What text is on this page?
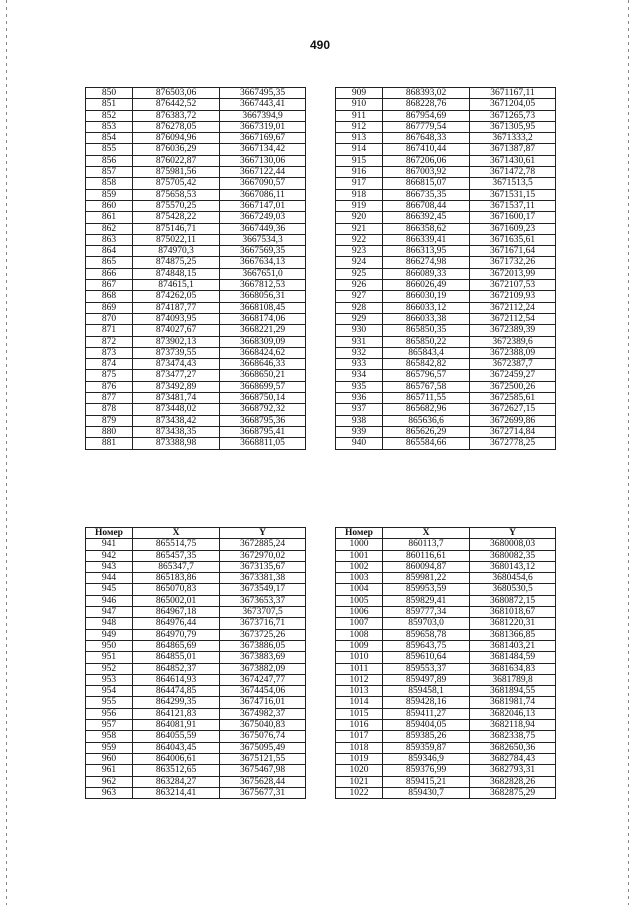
490
850	876503,06	3667495,35
851	876442,52	3667443,41
852	876383,72	3667394,9
853	876278,05	3667319,01
854	876094,96	3667169,67
855	876036,29	3667134,42
856	876022,87	3667130,06
857	875981,56	3667122,44
858	875705,42	3667090,57
859	875658,53	3667086,11
860	875570,25	3667147,01
861	875428,22	3667249,03
862	875146,71	3667449,36
863	875022,11	3667534,3
864	874970,3	3667569,35
865	874875,25	3667634,13
866	874848,15	3667651,0
867	874615,1	3667812,53
868	874262,05	3668056,31
869	874187,77	3668108,45
870	874093,95	3668174,06
871	874027,67	3668221,29
872	873902,13	3668309,09
873	873739,55	3668424,62
874	873474,43	3668646,33
875	873477,27	3668650,21
876	873492,89	3668699,57
877	873481,74	3668750,14
878	873448,02	3668792,32
879	873438,42	3668795,36
880	873438,35	3668795,41
881	873388,98	3668811,05
909	868393,02	3671167,11
910	868228,76	3671204,05
911	867954,69	3671265,73
912	867779,54	3671305,95
913	867648,33	3671333,2
914	867410,44	3671387,87
915	867206,06	3671430,61
916	867003,92	3671472,78
917	866815,07	3671513,5
918	866735,35	3671531,15
919	866708,44	3671537,11
920	866392,45	3671600,17
921	866358,62	3671609,23
922	866339,41	3671635,61
923	866313,95	3671671,64
924	866274,98	3671732,26
925	866089,33	3672013,99
926	866026,49	3672107,53
927	866030,19	3672109,93
928	866033,12	3672112,24
929	866033,38	3672112,54
930	865850,35	3672389,39
931	865850,22	3672389,6
932	865843,4	3672388,09
933	865842,82	3672387,7
934	865796,57	3672459,27
935	865767,58	3672500,26
936	865711,55	3672585,61
937	865682,96	3672627,15
938	865636,6	3672699,86
939	865626,29	3672714,84
940	865584,66	3672778,25
Номер	X	Y
941	865514,75	3672885,24
942	865457,35	3672970,02
943	865347,7	3673135,67
944	865183,86	3673381,38
945	865070,83	3673549,17
946	865002,01	3673653,37
947	864967,18	3673707,5
948	864976,44	3673716,71
949	864970,79	3673725,26
950	864865,69	3673886,05
951	864855,01	3673883,69
952	864852,37	3673882,09
953	864614,93	3674247,77
954	864474,85	3674454,06
955	864299,35	3674716,01
956	864121,83	3674982,37
957	864081,91	3675040,83
958	864055,59	3675076,74
959	864043,45	3675095,49
960	864006,61	3675121,55
961	863512,65	3675467,98
962	863284,27	3675628,44
963	863214,41	3675677,31
Номер	X	Y
1000	860113,7	3680008,03
1001	860116,61	3680082,35
1002	860094,87	3680143,12
1003	859981,22	3680454,6
1004	859953,59	3680530,5
1005	859829,41	3680872,15
1006	859777,34	3681018,67
1007	859703,0	3681220,31
1008	859658,78	3681366,85
1009	859643,75	3681403,21
1010	859610,64	3681484,59
1011	859553,37	3681634,83
1012	859497,89	3681789,8
1013	859458,1	3681894,55
1014	859428,16	3681981,74
1015	859411,27	3682046,13
1016	859404,05	3682118,94
1017	859385,26	3682338,75
1018	859359,87	3682650,36
1019	859346,9	3682784,43
1020	859376,99	3682793,31
1021	859415,21	3682828,26
1022	859430,7	3682875,29
